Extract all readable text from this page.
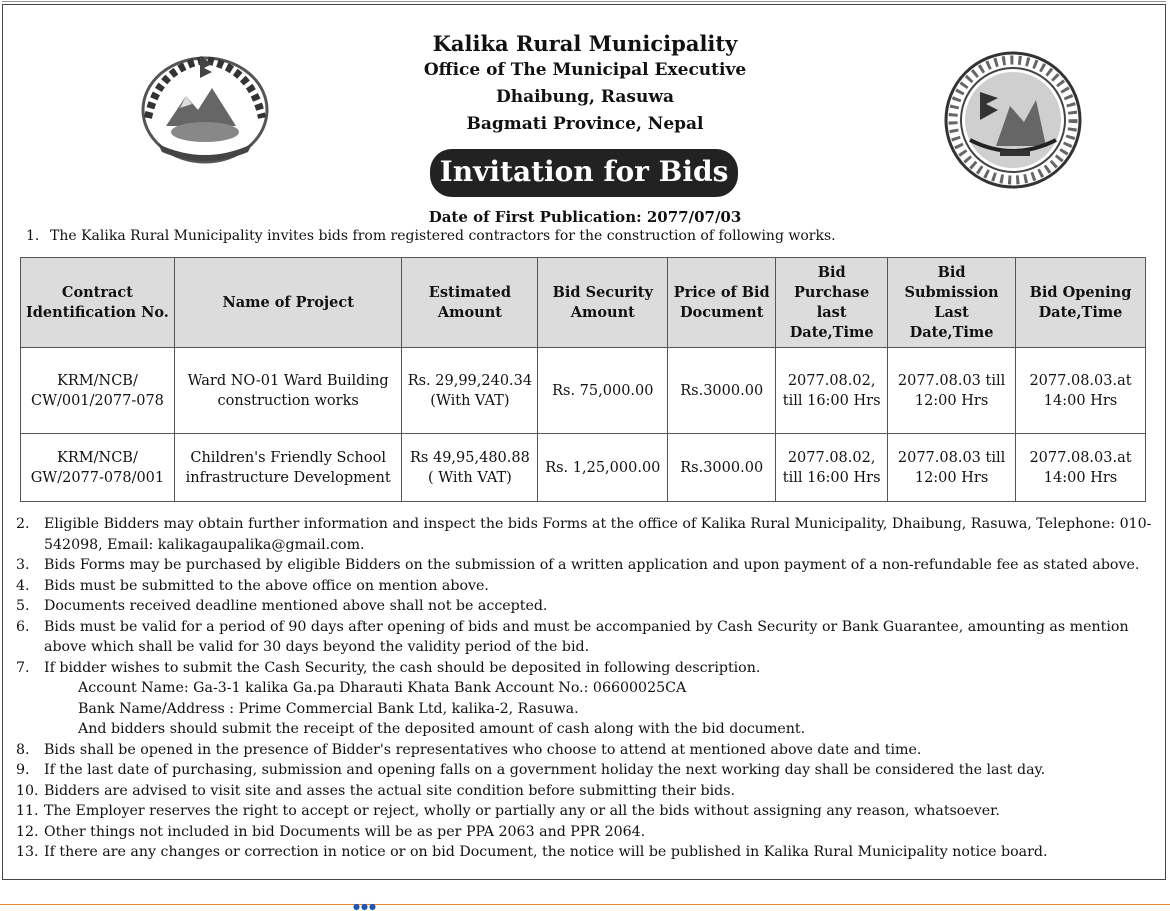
Kalika Rural Municipality
Office of The Municipal Executive
Dhaibung, Rasuwa
Bagmati Province, Nepal
Invitation for Bids
Date of First Publication: 2077/07/03
1. The Kalika Rural Municipality invites bids from registered contractors for the construction of following works.
Contract Identification No.	Name of Project	Estimated Amount	Bid Security Amount	Price of Bid Document	Bid Purchase last Date,Time	Bid Submission Last Date,Time	Bid Opening Date,Time
KRM/NCB/ CW/001/2077-078	Ward NO-01 Ward Building construction works	Rs. 29,99,240.34 (With VAT)	Rs. 75,000.00	Rs.3000.00	2077.08.02, till 16:00 Hrs	2077.08.03 till 12:00 Hrs	2077.08.03.at 14:00 Hrs
KRM/NCB/ GW/2077-078/001	Children's Friendly School infrastructure Development	Rs 49,95,480.88 ( With VAT)	Rs. 1,25,000.00	Rs.3000.00	2077.08.02, till 16:00 Hrs	2077.08.03 till 12:00 Hrs	2077.08.03.at 14:00 Hrs
2.	Eligible Bidders may obtain further information and inspect the bids Forms at the office of Kalika Rural Municipality, Dhaibung, Rasuwa, Telephone: 010-542098, Email: kalikagaupalika@gmail.com.
3.	Bids Forms may be purchased by eligible Bidders on the submission of a written application and upon payment of a non-refundable fee as stated above.
4.	Bids must be submitted to the above office on mention above.
5.	Documents received deadline mentioned above shall not be accepted.
6.	Bids must be valid for a period of 90 days after opening of bids and must be accompanied by Cash Security or Bank Guarantee, amounting as mention above which shall be valid for 30 days beyond the validity period of the bid.
7.	If bidder wishes to submit the Cash Security, the cash should be deposited in following description.
Account Name: Ga-3-1 kalika Ga.pa Dharauti Khata Bank Account No.: 06600025CA
Bank Name/Address : Prime Commercial Bank Ltd, kalika-2, Rasuwa.
And bidders should submit the receipt of the deposited amount of cash along with the bid document.
8.	Bids shall be opened in the presence of Bidder's representatives who choose to attend at mentioned above date and time.
9.	If the last date of purchasing, submission and opening falls on a government holiday the next working day shall be considered the last day.
10. Bidders are advised to visit site and asses the actual site condition before submitting their bids.
11. The Employer reserves the right to accept or reject, wholly or partially any or all the bids without assigning any reason, whatsoever.
12. Other things not included in bid Documents will be as per PPA 2063 and PPR 2064.
13. If there are any changes or correction in notice or on bid Document, the notice will be published in Kalika Rural Municipality notice board.
●●●
